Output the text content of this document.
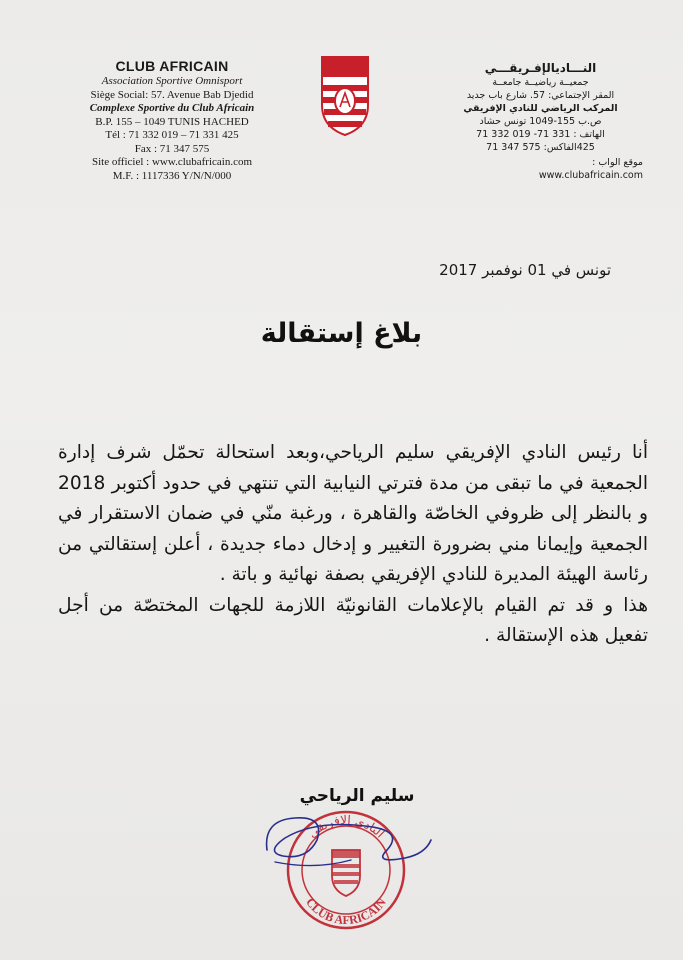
CLUB AFRICAIN
Association Sportive Omnisport
Siège Social: 57. Avenue Bab Djedid
Complexe Sportive du Club Africain
B.P. 155 – 1049 TUNIS HACHED
Tél : 71 332 019 – 71 331 425
Fax : 71 347 575
Site officiel : www.clubafricain.com
M.F. : 1117336 Y/N/N/000
النـــاديالإفـريقـــي
جمعيــة رياضيــة جامعــة
المقر الإجتماعي: 57. شارع باب جديد
المركب الرياضي للنادي الإفريقي
ص.ب 155-1049 تونس حشاد
الهاتف : 331 71- 019 332 71
425الفاكس: 575 347 71
موقع الواب :  www.clubafricain.com
تونس في 01 نوفمبر 2017
بلاغ إستقالة

أنا رئيس النادي الإفريقي سليم الرياحي،وبعد استحالة تحمّل شرف إدارة الجمعية في ما تبقى من مدة فترتي النيابية التي تنتهي في حدود أكتوبر 2018 و بالنظر إلى ظروفي الخاصّة والقاهرة ، ورغبة منّي في ضمان الاستقرار في الجمعية وإيمانا مني بضرورة التغيير و إدخال دماء جديدة ، أعلن إستقالتي من رئاسة الهيئة المديرة للنادي الإفريقي بصفة نهائية و باتة .

هذا و قد تم القيام بالإعلامات القانونيّة اللازمة للجهات المختصّة من أجل تفعيل هذه الإستقالة .

سليم الرياحي
النادي الإفريقي
CLUB AFRICAIN
